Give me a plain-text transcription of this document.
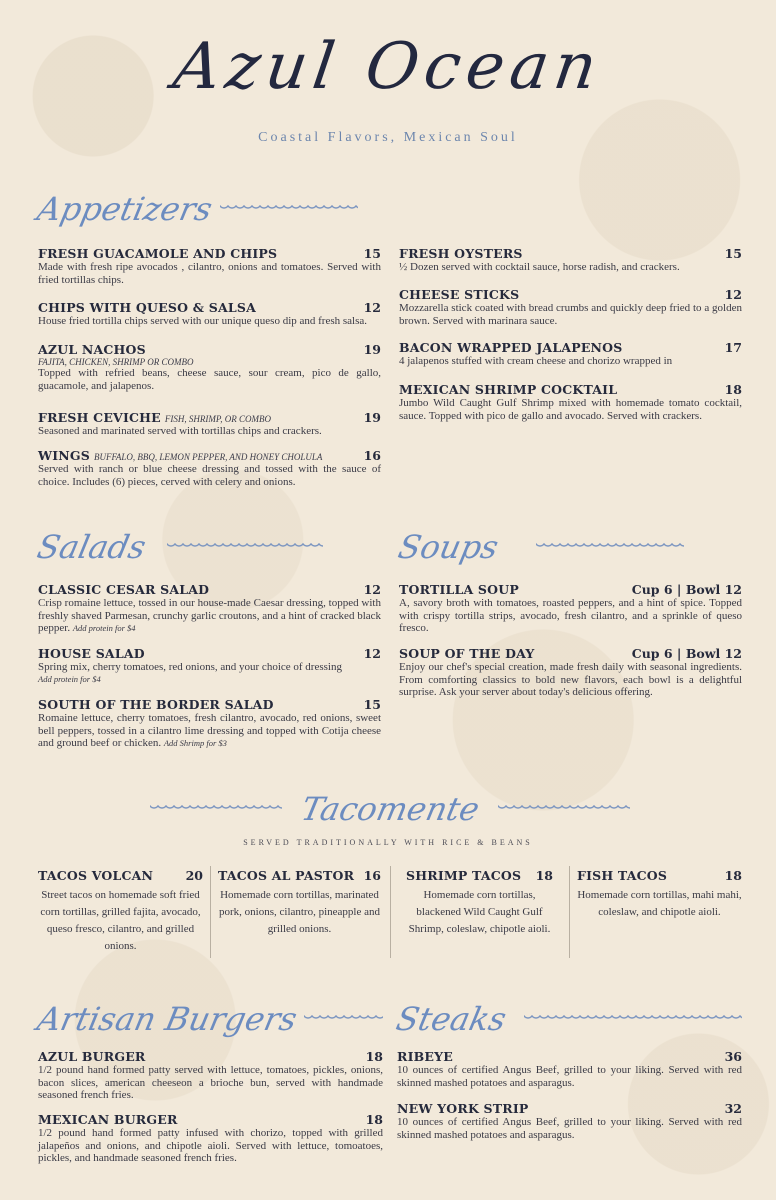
Azul Ocean
Coastal Flavors, Mexican Soul
Appetizers
FRESH GUACAMOLE AND CHIPS	15
Made with fresh ripe avocados , cilantro, onions and tomatoes. Served with fried tortillas chips.
CHIPS WITH QUESO & SALSA	12
House fried tortilla chips served with our unique queso dip and fresh salsa.
AZUL NACHOS	19
FAJITA, CHICKEN, SHRIMP OR COMBO
Topped with refried beans, cheese sauce, sour cream, pico de gallo, guacamole, and jalapenos.
FRESH CEVICHE FISH, SHRIMP, OR COMBO	19
Seasoned and marinated served with tortillas chips and crackers.
WINGS BUFFALO, BBQ, LEMON PEPPER, AND HONEY CHOLULA	16
Served with ranch or blue cheese dressing and tossed with the sauce of choice. Includes (6) pieces, cerved with celery and onions.
FRESH OYSTERS	15
½ Dozen served with cocktail sauce, horse radish, and crackers.
CHEESE STICKS	12
Mozzarella stick coated with bread crumbs and quickly deep fried to a golden brown. Served with marinara sauce.
BACON WRAPPED JALAPENOS	17
4 jalapenos stuffed with cream cheese and chorizo wrapped in
MEXICAN SHRIMP COCKTAIL	18
Jumbo Wild Caught Gulf Shrimp mixed with homemade tomato cocktail, sauce. Topped with pico de gallo and avocado. Served with crackers.
Salads
CLASSIC CESAR SALAD	12
Crisp romaine lettuce, tossed in our house-made Caesar dressing, topped with freshly shaved Parmesan, crunchy garlic croutons, and a hint of cracked black pepper. Add protein for $4
HOUSE SALAD	12
Spring mix, cherry tomatoes, red onions, and your choice of dressing
Add protein for $4
SOUTH OF THE BORDER SALAD	15
Romaine lettuce, cherry tomatoes, fresh cilantro, avocado, red onions, sweet bell peppers, tossed in a cilantro lime dressing and topped with Cotija cheese and ground beef or chicken. Add Shrimp for $3
Soups
TORTILLA SOUP	Cup 6 | Bowl 12
A, savory broth with tomatoes, roasted peppers, and a hint of spice. Topped with crispy tortilla strips, avocado, fresh cilantro, and a sprinkle of queso fresco.
SOUP OF THE DAY	Cup 6 | Bowl 12
Enjoy our chef's special creation, made fresh daily with seasonal ingredients. From comforting classics to bold new flavors, each bowl is a delightful surprise. Ask your server about today's delicious offering.
Tacomente
SERVED TRADITIONALLY WITH RICE & BEANS
TACOS VOLCAN	20
Street tacos on homemade soft fried corn tortillas, grilled fajita, avocado, queso fresco, cilantro, and grilled onions.
TACOS AL PASTOR 16
Homemade corn tortillas, marinated pork, onions, cilantro, pineapple and grilled onions.
SHRIMP TACOS 18
Homemade corn tortillas, blackened Wild Caught Gulf Shrimp, coleslaw, chipotle aioli.
FISH TACOS	18
Homemade corn tortillas, mahi mahi, coleslaw, and chipotle aioli.
Artisan Burgers
AZUL BURGER	18
1/2 pound hand formed patty served with lettuce, tomatoes, pickles, onions, bacon slices, american cheeseon a brioche bun, served with handmade seasoned french fries.
MEXICAN BURGER	18
1/2 pound hand formed patty infused with chorizo, topped with grilled jalapeños and onions, and chipotle aioli. Served with lettuce, tomoatoes, pickles, and handmade seasoned french fries.
Steaks
RIBEYE	36
10 ounces of certified Angus Beef, grilled to your liking. Served with red skinned mashed potatoes and asparagus.
NEW YORK STRIP	32
10 ounces of certified Angus Beef, grilled to your liking. Served with red skinned mashed potatoes and asparagus.
